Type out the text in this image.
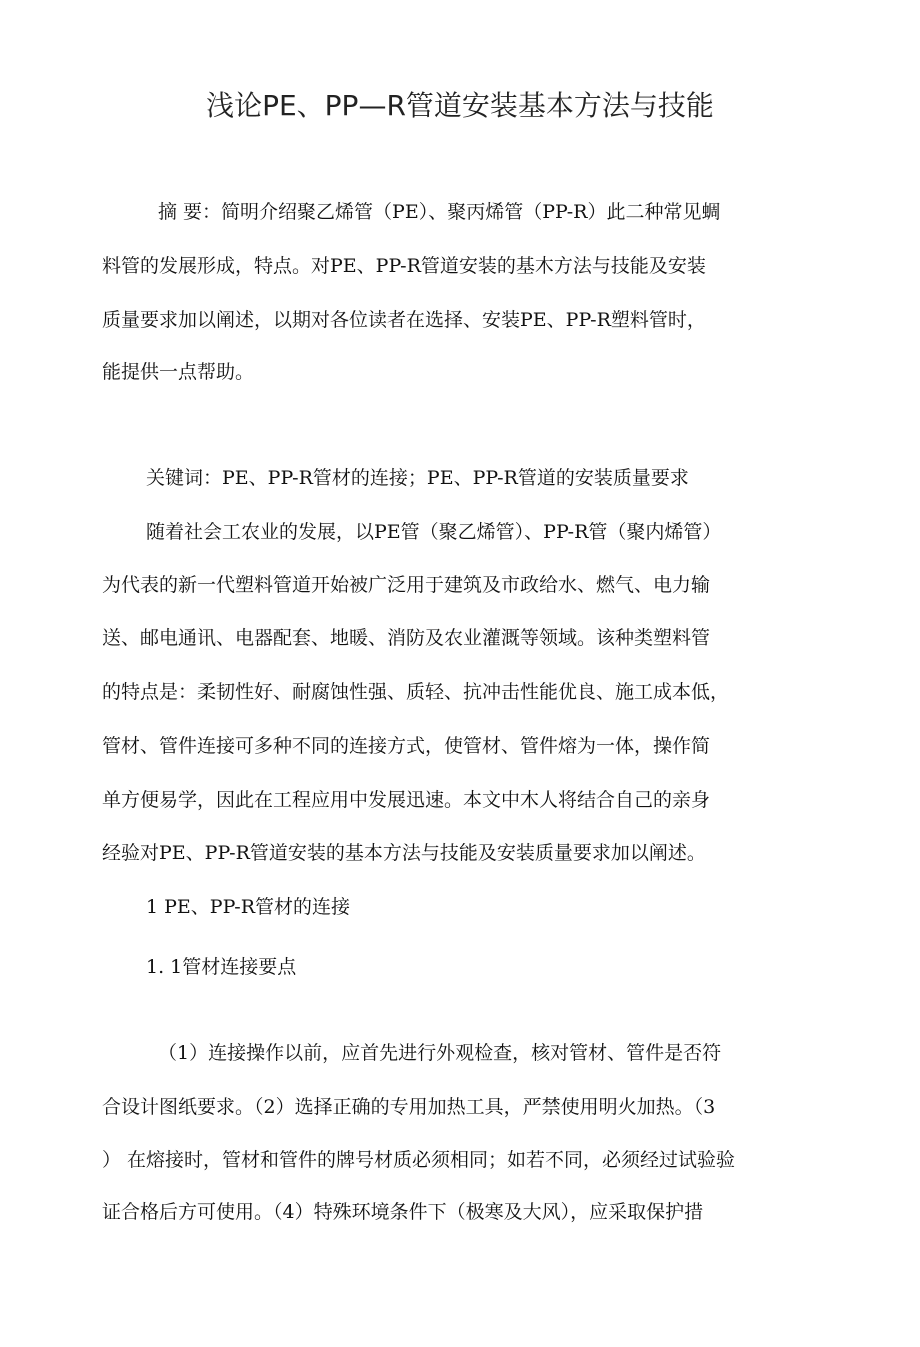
浅论PE、PP—R管道安装基本方法与技能
摘 要：简明介绍聚乙烯管（PE）、聚丙烯管（PP-R）此二种常见蜩
料管的发展形成，特点。对PE、PP-R管道安装的基木方法与技能及安装
质量要求加以阐述，以期对各位读者在选择、安装PE、PP-R塑料管时，
能提供一点帮助。
关键词：PE、PP-R管材的连接；PE、PP-R管道的安装质量要求
随着社会工农业的发展，以PE管（聚乙烯管）、PP-R管（聚内烯管）
为代表的新一代塑料管道开始被广泛用于建筑及市政给水、燃气、电力输
送、邮电通讯、电器配套、地暖、消防及农业灌溉等领域。该种类塑料管
的特点是：柔韧性好、耐腐蚀性强、质轻、抗冲击性能优良、施工成本低，
管材、管件连接可多种不同的连接方式，使管材、管件熔为一体，操作简
单方便易学，因此在工程应用中发展迅速。本文中木人将结合自己的亲身
经验对PE、PP-R管道安装的基本方法与技能及安装质量要求加以阐述。
1 PE、PP-R管材的连接
1. 1管材连接要点
（1）连接操作以前，应首先进行外观检查，核对管材、管件是否符
合设计图纸要求。（2）选择正确的专用加热工具，严禁使用明火加热。（3
） 在熔接时，管材和管件的牌号材质必须相同；如若不同，必须经过试验验
证合格后方可使用。（4）特殊环境条件下（极寒及大风），应采取保护措
